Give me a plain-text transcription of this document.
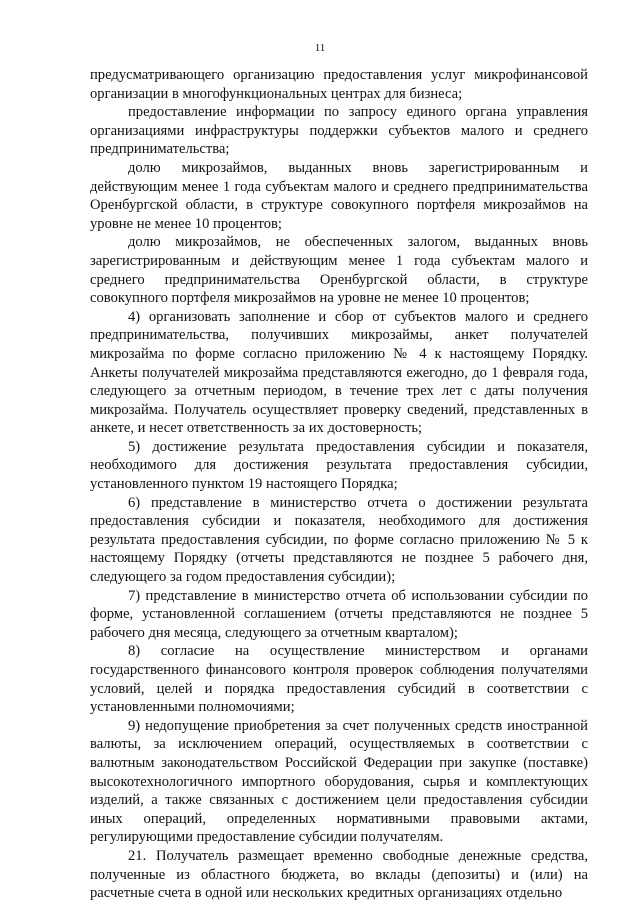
11

предусматривающего организацию предоставления услуг микрофинансовой организации в многофункциональных центрах для бизнеса;

предоставление информации по запросу единого органа управления организациями инфраструктуры поддержки субъектов малого и среднего предпринимательства;

долю микрозаймов, выданных вновь зарегистрированным и действующим менее 1 года субъектам малого и среднего предпринимательства Оренбургской области, в структуре совокупного портфеля микрозаймов на уровне не менее 10 процентов;

долю микрозаймов, не обеспеченных залогом, выданных вновь зарегистрированным и действующим менее 1 года субъектам малого и среднего предпринимательства Оренбургской области, в структуре совокупного портфеля микрозаймов на уровне не менее 10 процентов;

4) организовать заполнение и сбор от субъектов малого и среднего предпринимательства, получивших микрозаймы, анкет получателей микрозайма по форме согласно приложению № 4 к настоящему Порядку. Анкеты получателей микрозайма представляются ежегодно, до 1 февраля года, следующего за отчетным периодом, в течение трех лет с даты получения микрозайма. Получатель осуществляет проверку сведений, представленных в анкете, и несет ответственность за их достоверность;

5) достижение результата предоставления субсидии и показателя, необходимого для достижения результата предоставления субсидии, установленного пунктом 19 настоящего Порядка;

6) представление в министерство отчета о достижении результата предоставления субсидии и показателя, необходимого для достижения результата предоставления субсидии, по форме согласно приложению № 5 к настоящему Порядку (отчеты представляются не позднее 5 рабочего дня, следующего за годом предоставления субсидии);

7) представление в министерство отчета об использовании субсидии по форме, установленной соглашением (отчеты представляются не позднее 5 рабочего дня месяца, следующего за отчетным кварталом);

8) согласие на осуществление министерством и органами государственного финансового контроля проверок соблюдения получателями условий, целей и порядка предоставления субсидий в соответствии с установленными полномочиями;

9) недопущение приобретения за счет полученных средств иностранной валюты, за исключением операций, осуществляемых в соответствии с валютным законодательством Российской Федерации при закупке (поставке) высокотехнологичного импортного оборудования, сырья и комплектующих изделий, а также связанных с достижением цели предоставления субсидии иных операций, определенных нормативными правовыми актами, регулирующими предоставление субсидии получателям.

21. Получатель размещает временно свободные денежные средства, полученные из областного бюджета, во вклады (депозиты) и (или) на расчетные счета в одной или нескольких кредитных организациях отдельно
